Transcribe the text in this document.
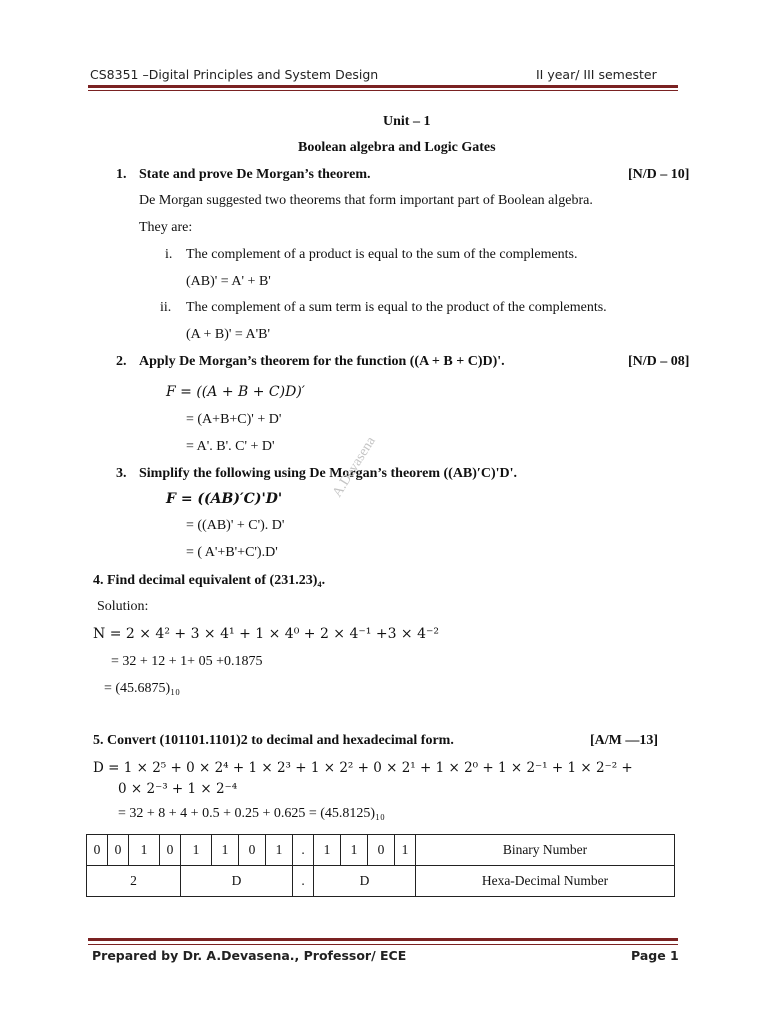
CS8351 –Digital Principles and System Design	II year/ III semester
Unit – 1
Boolean algebra and Logic Gates
1. State and prove De Morgan’s theorem.	[N/D – 10]
De Morgan suggested two theorems that form important part of Boolean algebra.
They are:
i. The complement of a product is equal to the sum of the complements.
(AB)' = A' + B'
ii. The complement of a sum term is equal to the product of the complements.
(A + B)' = A'B'
2. Apply De Morgan’s theorem for the function ((A + B + C)D)'.	[N/D – 08]
F = ((A + B + C)D)′
= (A+B+C)' + D'
= A'. B'. C' + D'
3. Simplify the following using De Morgan’s theorem ((AB)′C)'D'.
F = ((AB)′C)'D'
= ((AB)' + C'). D'
= ( A'+B'+C').D'
A.Devasena
4. Find decimal equivalent of (231.23)₄.
Solution:
N = 2 × 4² + 3 × 4¹ + 1 × 4⁰ + 2 × 4⁻¹ +3 × 4⁻²
= 32 + 12 + 1+ 05 +0.1875
= (45.6875)₁₀
5. Convert (101101.1101)2 to decimal and hexadecimal form.	[A/M —13]
D = 1 × 2⁵ + 0 × 2⁴ + 1 × 2³ + 1 × 2² + 0 × 2¹ + 1 × 2⁰ + 1 × 2⁻¹ + 1 × 2⁻² +
0 × 2⁻³ + 1 × 2⁻⁴
= 32 + 8 + 4 + 0.5 + 0.25 + 0.625 = (45.8125)₁₀
0	0	1	0	1	1	0	1	.	1	1	0	1	Binary Number
2				D				.	D				Hexa-Decimal Number
Prepared by Dr. A.Devasena., Professor/ ECE	Page 1
